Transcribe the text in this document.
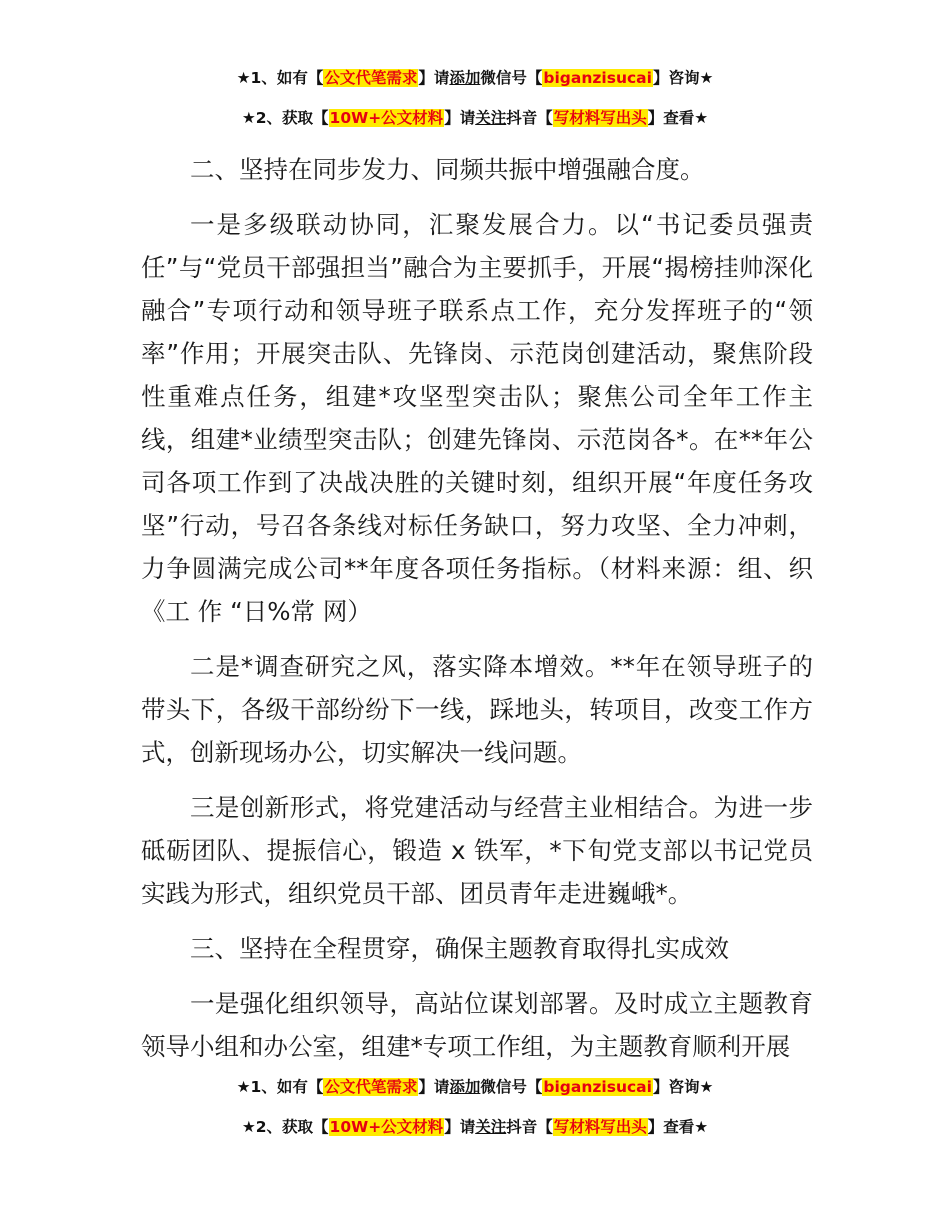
★1、如有【公文代笔需求】请添加微信号【biganzisucai】咨询★
★2、获取【10W+公文材料】请关注抖音【写材料写出头】查看★

二、坚持在同步发力、同频共振中增强融合度。

一是多级联动协同，汇聚发展合力。以“书记委员强责任”与“党员干部强担当”融合为主要抓手，开展“揭榜挂帅深化融合”专项行动和领导班子联系点工作，充分发挥班子的“领率”作用；开展突击队、先锋岗、示范岗创建活动，聚焦阶段性重难点任务，组建*攻坚型突击队；聚焦公司全年工作主线，组建*业绩型突击队；创建先锋岗、示范岗各*。在**年公司各项工作到了决战决胜的关键时刻，组织开展“年度任务攻坚”行动，号召各条线对标任务缺口，努力攻坚、全力冲刺，力争圆满完成公司**年度各项任务指标。（材料来源：组、织《工 作 “日%常 网）

二是*调查研究之风，落实降本增效。**年在领导班子的带头下，各级干部纷纷下一线，踩地头，转项目，改变工作方式，创新现场办公，切实解决一线问题。

三是创新形式，将党建活动与经营主业相结合。为进一步砥砺团队、提振信心，锻造 x 铁军，*下旬党支部以书记党员实践为形式，组织党员干部、团员青年走进巍峨*。

三、坚持在全程贯穿，确保主题教育取得扎实成效

一是强化组织领导，高站位谋划部署。及时成立主题教育领导小组和办公室，组建*专项工作组，为主题教育顺利开展

★1、如有【公文代笔需求】请添加微信号【biganzisucai】咨询★
★2、获取【10W+公文材料】请关注抖音【写材料写出头】查看★
